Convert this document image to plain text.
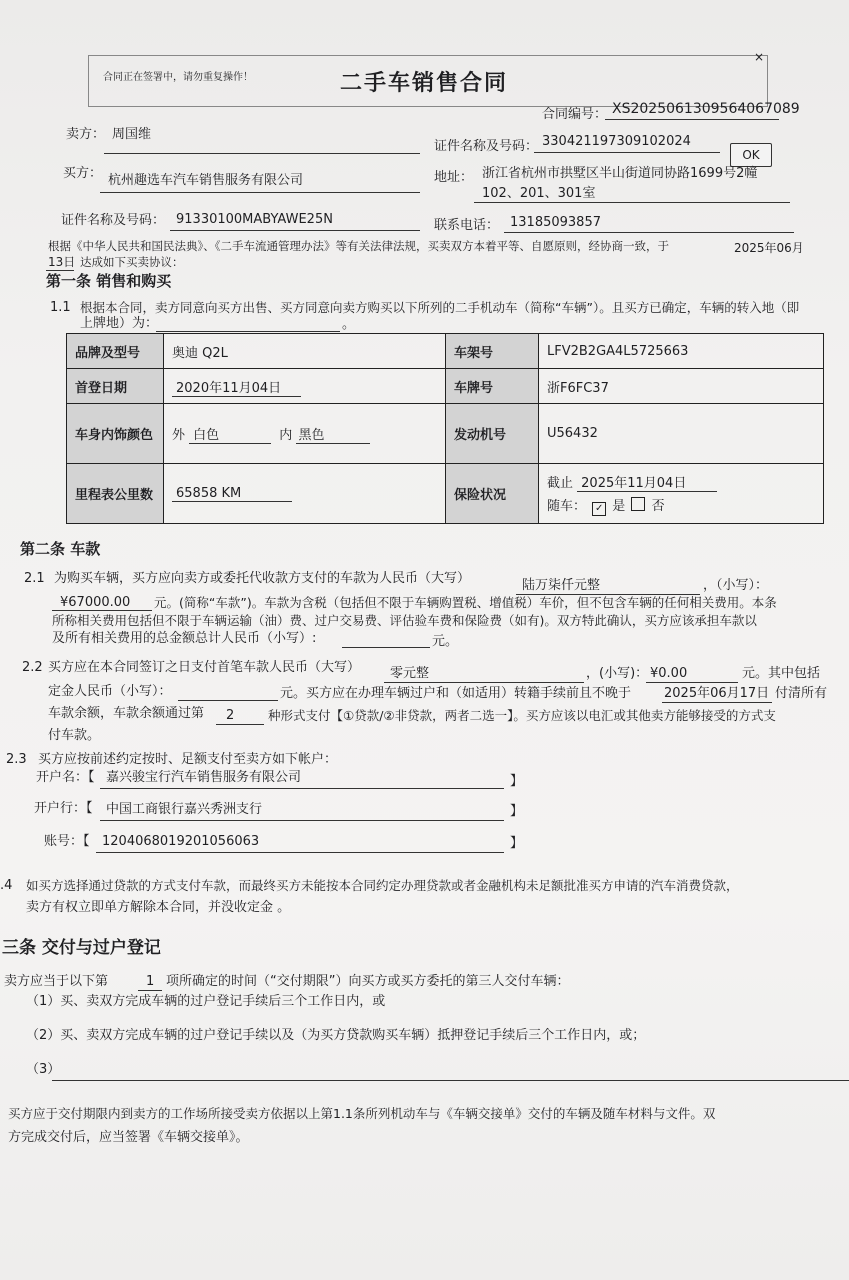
合同正在签署中，请勿重复操作！	二手车销售合同
×
合同编号： XS2025061309564067089
卖方： 周国维
证件名称及号码： 330421197309102024
OK
买方： 杭州趣选车汽车销售服务有限公司	地址： 浙江省杭州市拱墅区半山街道同协路1699号2幢
102、201、301室
证件名称及号码： 91330100MABYAWE25N	联系电话： 13185093857
根据《中华人民共和国民法典》、《二手车流通管理办法》等有关法律法规，买卖双方本着平等、自愿原则，经协商一致，于	2025年06月
13日 达成如下买卖协议：
第一条 销售和购买
1.1 根据本合同，卖方同意向买方出售、买方同意向卖方购买以下所列的二手机动车（简称“车辆”）。且买方已确定，车辆的转入地（即
上牌地）为：	。
品牌及型号	奥迪 Q2L	车架号	LFV2B2GA4L5725663
首登日期	2020年11月04日	车牌号	浙F6FC37
车身内饰颜色	外 白色 内 黑色	发动机号	U56432
里程表公里数	65858 KM	保险状况	截止 2025年11月04日
随车： ✓ 是 否
第二条 车款
2.1 为购买车辆，买方应向卖方或委托代收款方支付的车款为人民币（大写）	陆万柒仟元整	，（小写）：
¥67000.00 元。(简称“车款”)。车款为含税（包括但不限于车辆购置税、增值税）车价，但不包含车辆的任何相关费用。本条
所称相关费用包括但不限于车辆运输（油）费、过户交易费、评估验车费和保险费（如有)。双方特此确认，买方应该承担车款以
及所有相关费用的总金额总计人民币（小写）:	元。
2.2 买方应在本合同签订之日支付首笔车款人民币（大写） 零元整	，(小写)： ¥0.00	元。其中包括
定金人民币（小写）：	元。买方应在办理车辆过户和（如适用）转籍手续前且不晚于	2025年06月17日 付清所有
车款余额，车款余额通过第 2	种形式支付【①贷款/②非贷款，两者二选一】。买方应该以电汇或其他卖方能够接受的方式支
付车款。
2.3 买方应按前述约定按时、足额支付至卖方如下帐户：
开户名：【 嘉兴骏宝行汽车销售服务有限公司	】
开户行：【 中国工商银行嘉兴秀洲支行	】
账号：【 1204068019201056063	】
.4 如买方选择通过贷款的方式支付车款，而最终买方未能按本合同约定办理贷款或者金融机构未足额批准买方申请的汽车消费贷款，
卖方有权立即单方解除本合同，并没收定金 。
三条 交付与过户登记
卖方应当于以下第	1 项所确定的时间（“交付期限”）向买方或买方委托的第三人交付车辆：
（1）买、卖双方完成车辆的过户登记手续后三个工作日内，或
（2）买、卖双方完成车辆的过户登记手续以及（为买方贷款购买车辆）抵押登记手续后三个工作日内，或；
（3）
买方应于交付期限内到卖方的工作场所接受卖方依据以上第1.1条所列机动车与《车辆交接单》交付的车辆及随车材料与文件。双
方完成交付后，应当签署《车辆交接单》。
